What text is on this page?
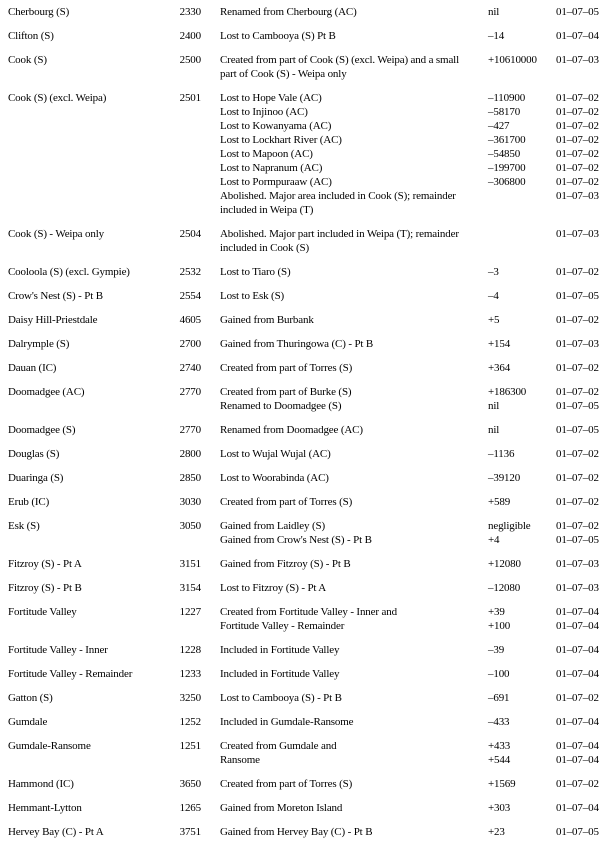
Cherbourg (S)	2330	Renamed from Cherbourg (AC)	nil	01–07–05
Clifton (S)	2400	Lost to Cambooya (S) Pt B	–14	01–07–04
Cook (S)	2500	Created from part of Cook (S) (excl. Weipa) and a small	+10610000	01–07–03
part of Cook (S) - Weipa only
Cook (S) (excl. Weipa)	2501	Lost to Hope Vale (AC)	–110900	01–07–02
Lost to Injinoo (AC)	–58170	01–07–02
Lost to Kowanyama (AC)	–427	01–07–02
Lost to Lockhart River (AC)	–361700	01–07–02
Lost to Mapoon (AC)	–54850	01–07–02
Lost to Napranum (AC)	–199700	01–07–02
Lost to Pormpuraaw (AC)	–306800	01–07–02
Abolished. Major area included in Cook (S); remainder	01–07–03
included in Weipa (T)
Cook (S) - Weipa only	2504	Abolished. Major part included in Weipa (T); remainder	01–07–03
included in Cook (S)
Cooloola (S) (excl. Gympie)	2532	Lost to Tiaro (S)	–3	01–07–02
Crow's Nest (S) - Pt B	2554	Lost to Esk (S)	–4	01–07–05
Daisy Hill-Priestdale	4605	Gained from Burbank	+5	01–07–02
Dalrymple (S)	2700	Gained from Thuringowa (C) - Pt B	+154	01–07–03
Dauan (IC)	2740	Created from part of Torres (S)	+364	01–07–02
Doomadgee (AC)	2770	Created from part of Burke (S)	+186300	01–07–02
Renamed to Doomadgee (S)	nil	01–07–05
Doomadgee (S)	2770	Renamed from Doomadgee (AC)	nil	01–07–05
Douglas (S)	2800	Lost to Wujal Wujal (AC)	–1136	01–07–02
Duaringa (S)	2850	Lost to Woorabinda (AC)	–39120	01–07–02
Erub (IC)	3030	Created from part of Torres (S)	+589	01–07–02
Esk (S)	3050	Gained from Laidley (S)	negligible	01–07–02
Gained from Crow's Nest (S) - Pt B	+4	01–07–05
Fitzroy (S) - Pt A	3151	Gained from Fitzroy (S) - Pt B	+12080	01–07–03
Fitzroy (S) - Pt B	3154	Lost to Fitzroy (S) - Pt A	–12080	01–07–03
Fortitude Valley	1227	Created from Fortitude Valley - Inner and	+39	01–07–04
Fortitude Valley - Remainder	+100	01–07–04
Fortitude Valley - Inner	1228	Included in Fortitude Valley	–39	01–07–04
Fortitude Valley - Remainder	1233	Included in Fortitude Valley	–100	01–07–04
Gatton (S)	3250	Lost to Cambooya (S) - Pt B	–691	01–07–02
Gumdale	1252	Included in Gumdale-Ransome	–433	01–07–04
Gumdale-Ransome	1251	Created from Gumdale and	+433	01–07–04
Ransome	+544	01–07–04
Hammond (IC)	3650	Created from part of Torres (S)	+1569	01–07–02
Hemmant-Lytton	1265	Gained from Moreton Island	+303	01–07–04
Hervey Bay (C) - Pt A	3751	Gained from Hervey Bay (C) - Pt B	+23	01–07–05
